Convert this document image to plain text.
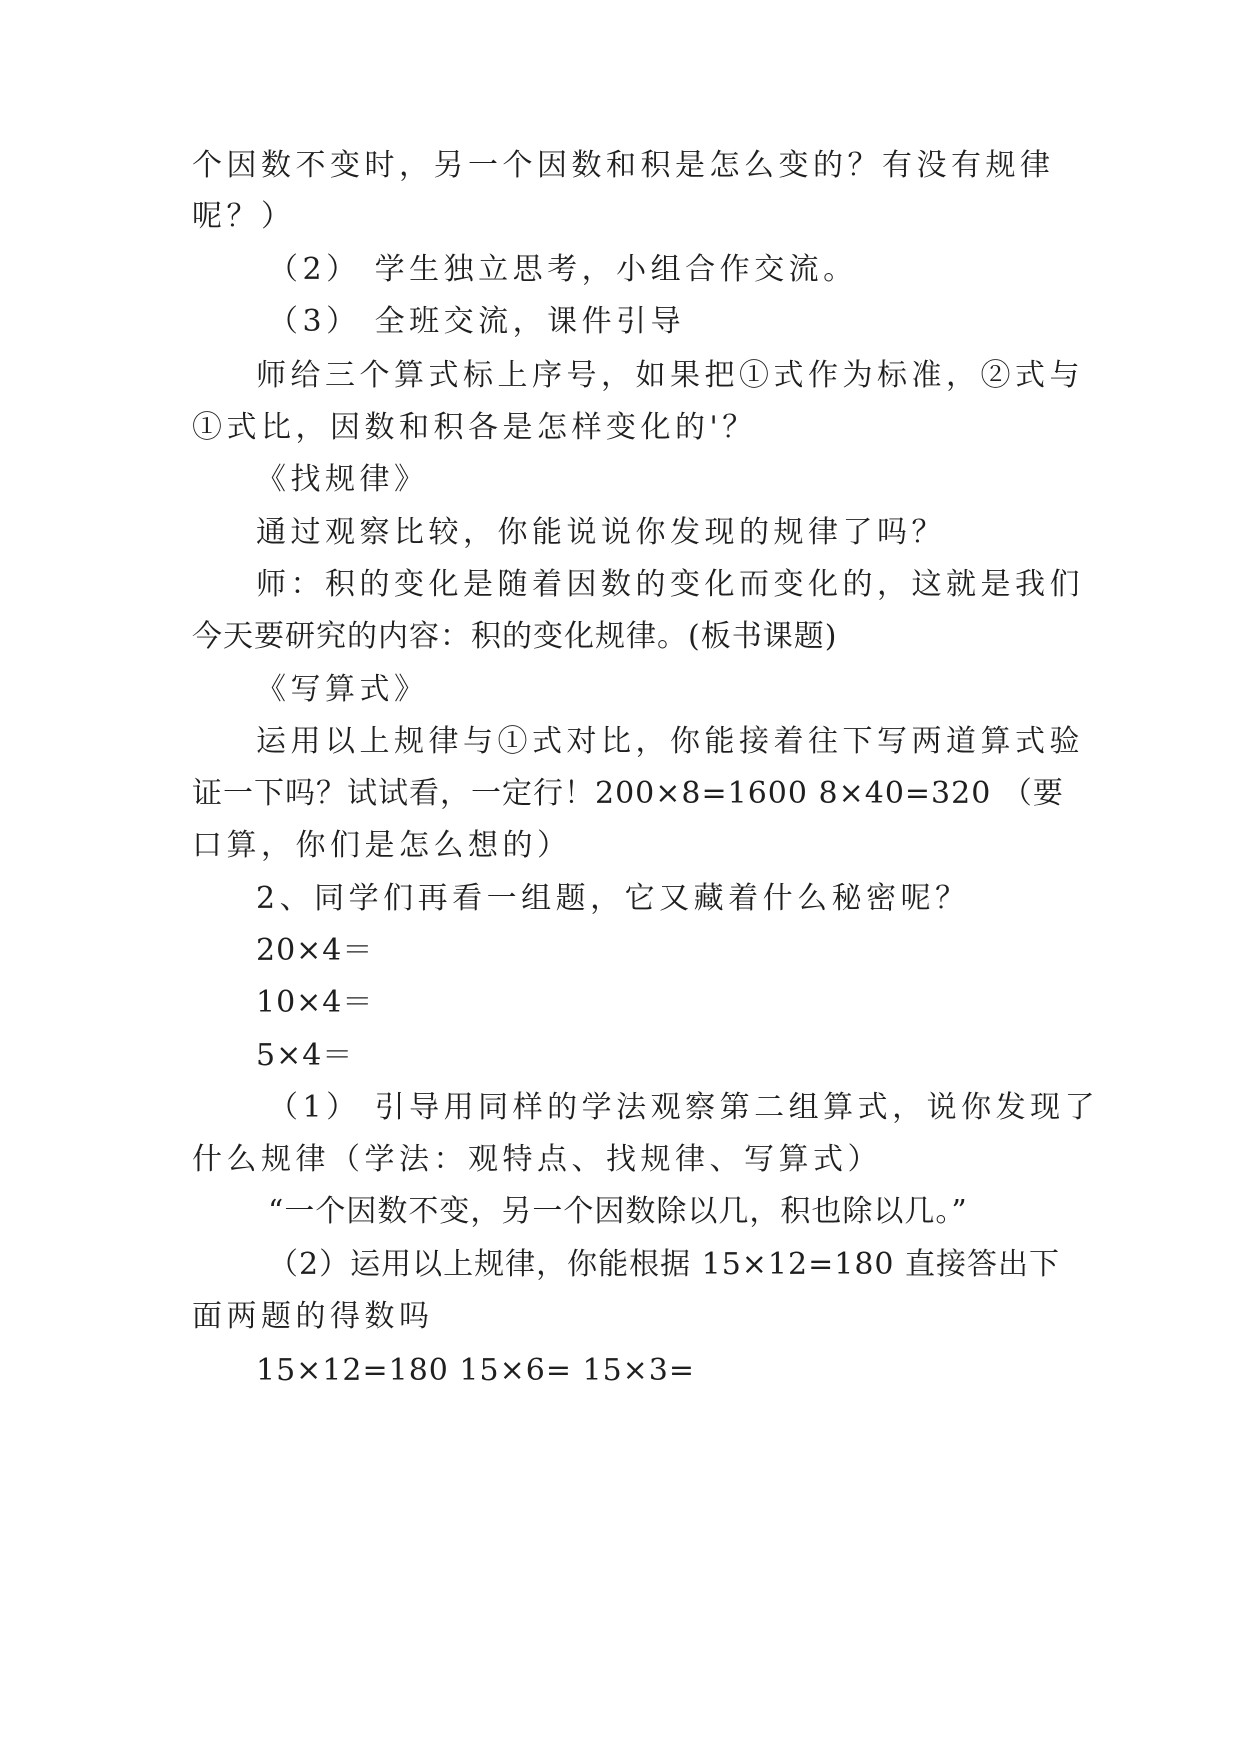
个因数不变时，另一个因数和积是怎么变的？有没有规律

呢？）

（2） 学生独立思考，小组合作交流。

（3） 全班交流，课件引导

师给三个算式标上序号，如果把①式作为标准，②式与

①式比，因数和积各是怎样变化的'？

《找规律》

通过观察比较，你能说说你发现的规律了吗？

师：积的变化是随着因数的变化而变化的，这就是我们

今天要研究的内容：积的变化规律。(板书课题)

《写算式》

运用以上规律与①式对比，你能接着往下写两道算式验

证一下吗？试试看，一定行！200×8=1600 8×40=320 （要

口算，你们是怎么想的）

2、同学们再看一组题，它又藏着什么秘密呢？

20×4＝

10×4＝

5×4＝

（1） 引导用同样的学法观察第二组算式，说你发现了

什么规律（学法：观特点、找规律、写算式）

“一个因数不变，另一个因数除以几，积也除以几。”

（2）运用以上规律，你能根据 15×12=180 直接答出下

面两题的得数吗

15×12=180 15×6= 15×3=
